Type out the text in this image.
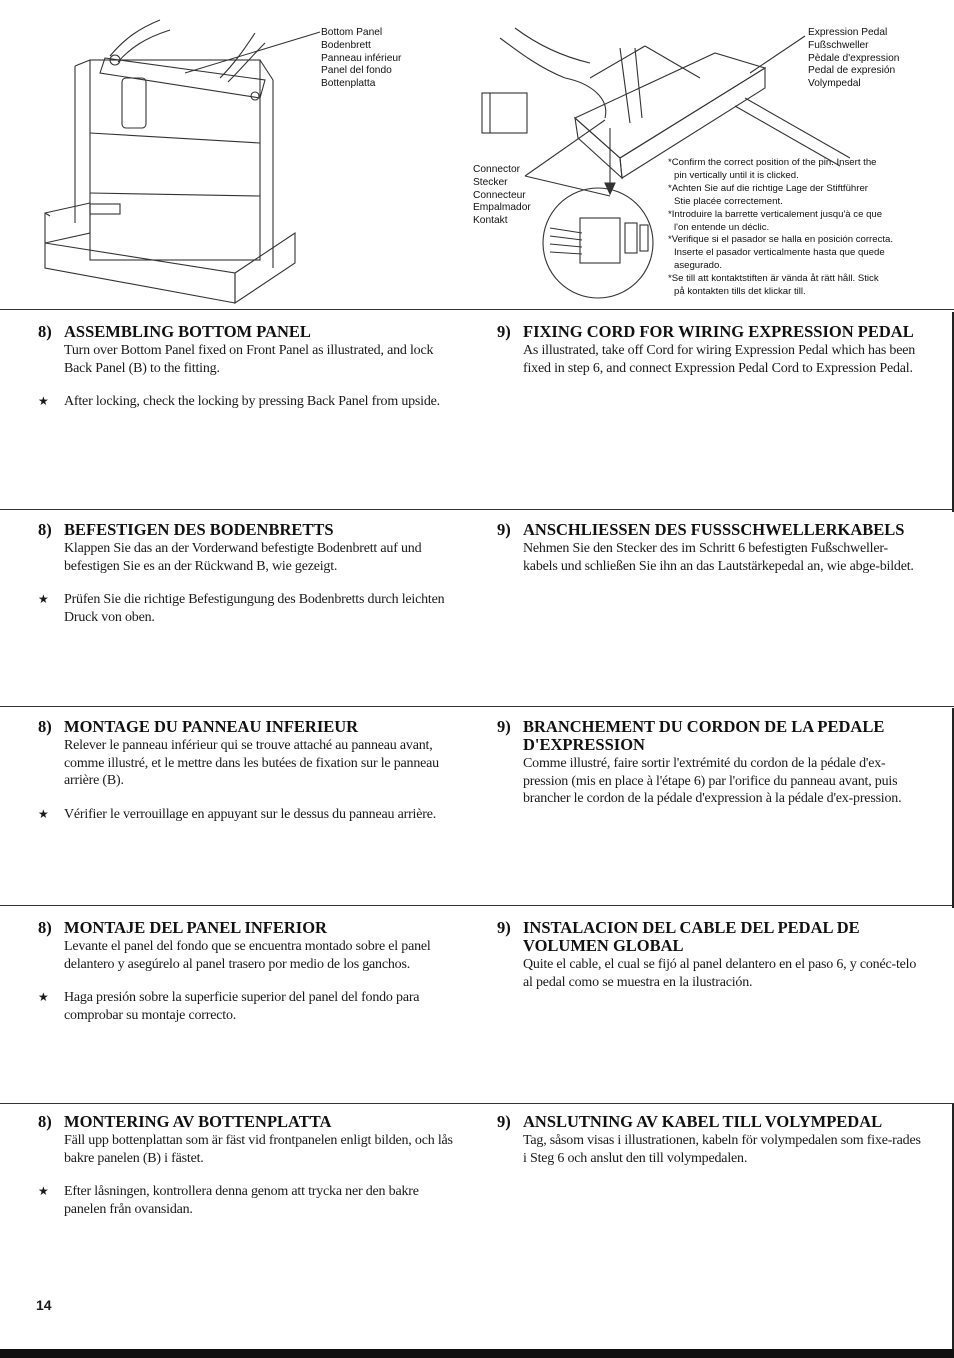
Bottom Panel
Bodenbrett
Panneau inférieur
Panel del fondo
Bottenplatta
Expression Pedal
Fußschweller
Pèdale d'expression
Pedal de expresión
Volympedal
Connector
Stecker
Connecteur
Empalmador
Kontakt

*Confirm the correct position of the pin. Insert the

pin vertically until it is clicked.

*Achten Sie auf die richtige Lage der Stiftführer

Stie placée correctement.

*Introduire la barrette verticalement jusqu'à ce que

l'on entende un déclic.

*Verifique si el pasador se halla en posición correcta.

Inserte el pasador verticalmente hasta que quede

asegurado.

*Se till att kontaktstiften är vända åt rätt håll. Stick

på kontakten tills det klickar till.

8) ASSEMBLING BOTTOM PANEL

Turn over Bottom Panel fixed on Front Panel as illustrated, and lock Back Panel (B) to the fitting.

★	After locking, check the locking by pressing Back Panel from upside.
9) FIXING CORD FOR WIRING EXPRESSION PEDAL

As illustrated, take off Cord for wiring Expression Pedal which has been fixed in step 6, and connect Expression Pedal Cord to Expression Pedal.

8) BEFESTIGEN DES BODENBRETTS

Klappen Sie das an der Vorderwand befestigte Bodenbrett auf und befestigen Sie es an der Rückwand B, wie gezeigt.

★	Prüfen Sie die richtige Befestigungung des Bodenbretts durch leichten Druck von oben.
9) ANSCHLIESSEN DES FUSSSCHWELLERKABELS

Nehmen Sie den Stecker des im Schritt 6 befestigten Fußschweller-kabels und schließen Sie ihn an das Lautstärkepedal an, wie abge-bildet.

8) MONTAGE DU PANNEAU INFERIEUR

Relever le panneau inférieur qui se trouve attaché au panneau avant, comme illustré, et le mettre dans les butées de fixation sur le panneau arrière (B).

★	Vérifier le verrouillage en appuyant sur le dessus du panneau arrière.
9) BRANCHEMENT DU CORDON DE LA PEDALE D'EXPRESSION

Comme illustré, faire sortir l'extrémité du cordon de la pédale d'ex-pression (mis en place à l'étape 6) par l'orifice du panneau avant, puis brancher le cordon de la pédale d'expression à la pédale d'ex-pression.

8) MONTAJE DEL PANEL INFERIOR

Levante el panel del fondo que se encuentra montado sobre el panel delantero y asegúrelo al panel trasero por medio de los ganchos.

★	Haga presión sobre la superficie superior del panel del fondo para comprobar su montaje correcto.
9) INSTALACION DEL CABLE DEL PEDAL DE VOLUMEN GLOBAL

Quite el cable, el cual se fijó al panel delantero en el paso 6, y conéc-telo al pedal como se muestra en la ilustración.

8) MONTERING AV BOTTENPLATTA

Fäll upp bottenplattan som är fäst vid frontpanelen enligt bilden, och lås bakre panelen (B) i fästet.

★	Efter låsningen, kontrollera denna genom att trycka ner den bakre panelen från ovansidan.
9) ANSLUTNING AV KABEL TILL VOLYMPEDAL

Tag, såsom visas i illustrationen, kabeln för volympedalen som fixe-rades i Steg 6 och anslut den till volympedalen.

14
